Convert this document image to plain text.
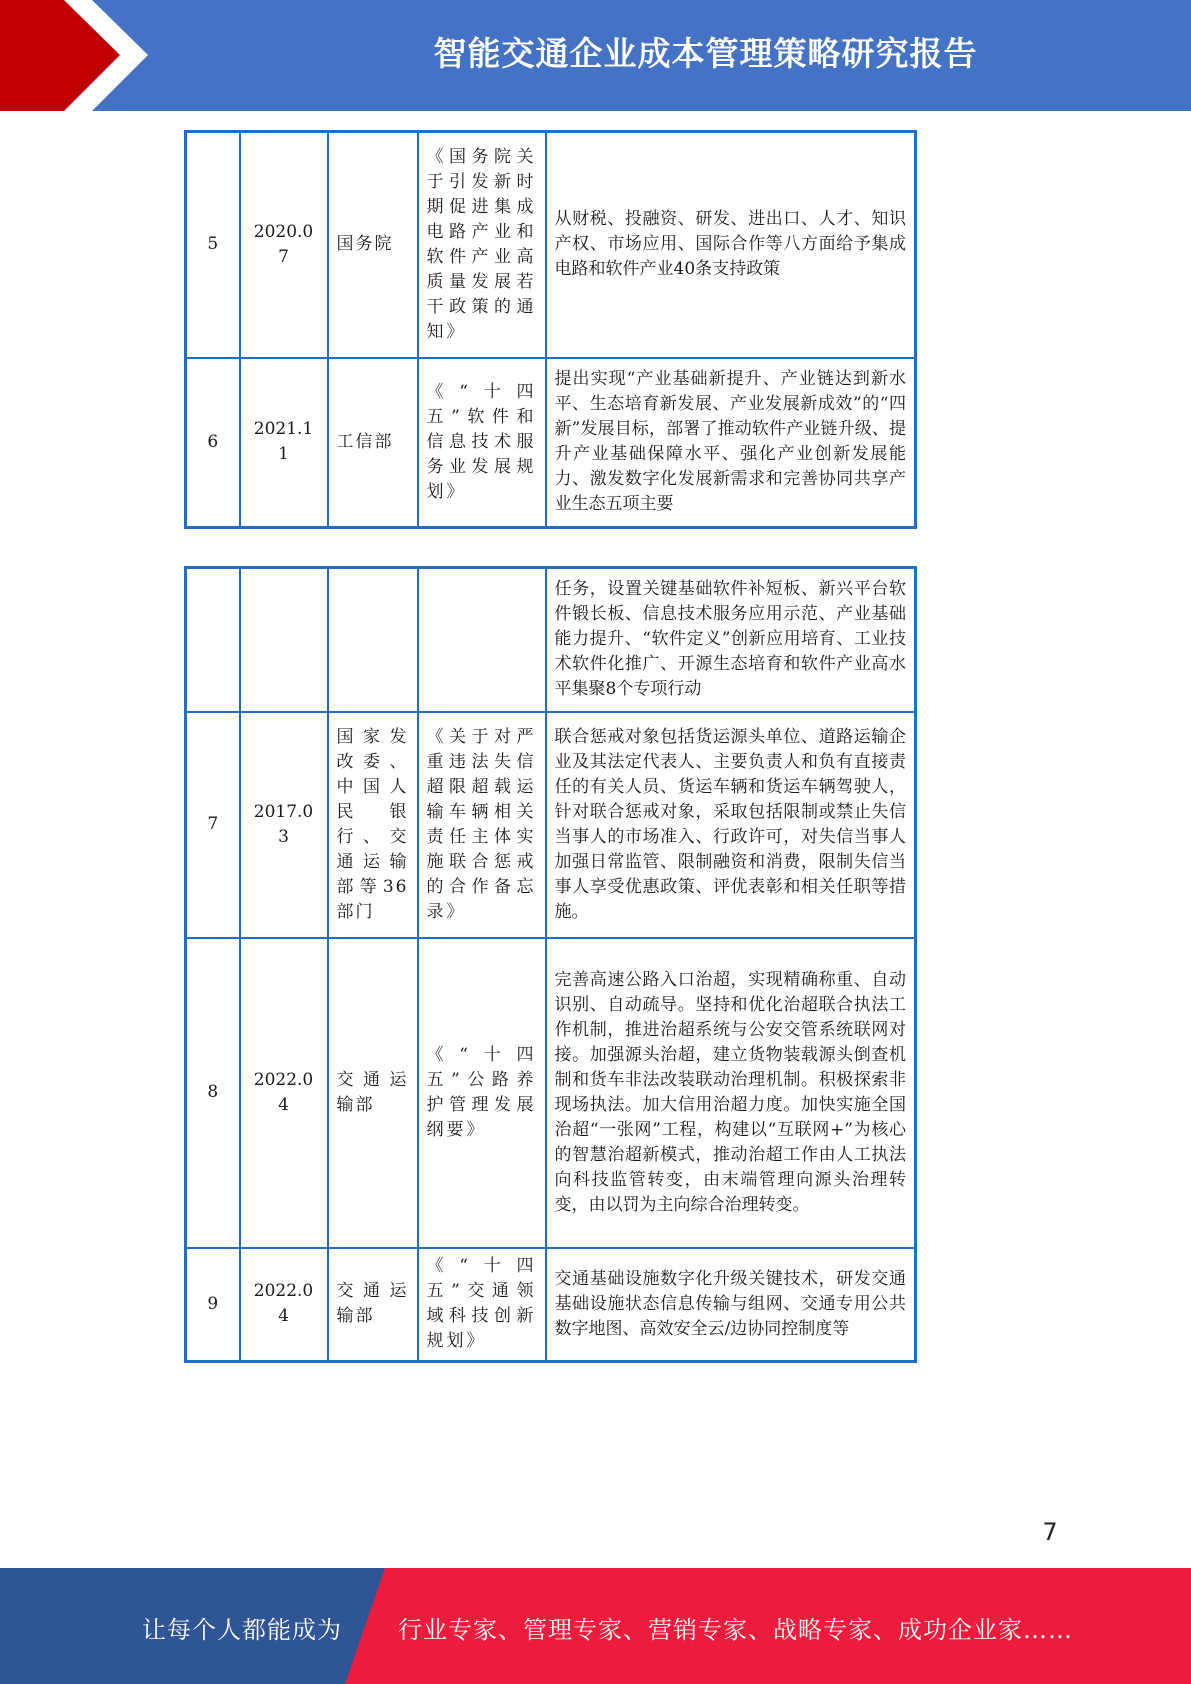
智能交通企业成本管理策略研究报告
5	2020.07	国务院	《国务院关于引发新时期促进集成电路产业和软件产业高质量发展若干政策的通知》	从财税、投融资、研发、进出口、人才、知识产权、市场应用、国际合作等八方面给予集成电路和软件产业40条支持政策
6	2021.11	工信部	《“十四五”软件和信息技术服务业发展规划》	提出实现“产业基础新提升、产业链达到新水平、生态培育新发展、产业发展新成效”的“四新”发展目标，部署了推动软件产业链升级、提升产业基础保障水平、强化产业创新发展能力、激发数字化发展新需求和完善协同共享产业生态五项主要
				任务，设置关键基础软件补短板、新兴平台软件锻长板、信息技术服务应用示范、产业基础能力提升、“软件定义”创新应用培育、工业技术软件化推广、开源生态培育和软件产业高水平集聚8个专项行动
7	2017.03	国家发改委、中国人民银行、交通运输部等36部门	《关于对严重违法失信超限超载运输车辆相关责任主体实施联合惩戒的合作备忘录》	联合惩戒对象包括货运源头单位、道路运输企业及其法定代表人、主要负责人和负有直接责任的有关人员、货运车辆和货运车辆驾驶人，针对联合惩戒对象，采取包括限制或禁止失信当事人的市场准入、行政许可，对失信当事人加强日常监管、限制融资和消费，限制失信当事人享受优惠政策、评优表彰和相关任职等措施。
8	2022.04	交通运输部	《“十四五”公路养护管理发展纲要》	完善高速公路入口治超，实现精确称重、自动识别、自动疏导。坚持和优化治超联合执法工作机制，推进治超系统与公安交管系统联网对接。加强源头治超，建立货物装载源头倒查机制和货车非法改装联动治理机制。积极探索非现场执法。加大信用治超力度。加快实施全国治超“一张网”工程，构建以“互联网+”为核心的智慧治超新模式，推动治超工作由人工执法向科技监管转变，由末端管理向源头治理转变，由以罚为主向综合治理转变。
9	2022.04	交通运输部	《“十四五”交通领域科技创新规划》	交通基础设施数字化升级关键技术，研发交通基础设施状态信息传输与组网、交通专用公共数字地图、高效安全云/边协同控制度等
7
让每个人都能成为 行业专家、管理专家、营销专家、战略专家、成功企业家……
